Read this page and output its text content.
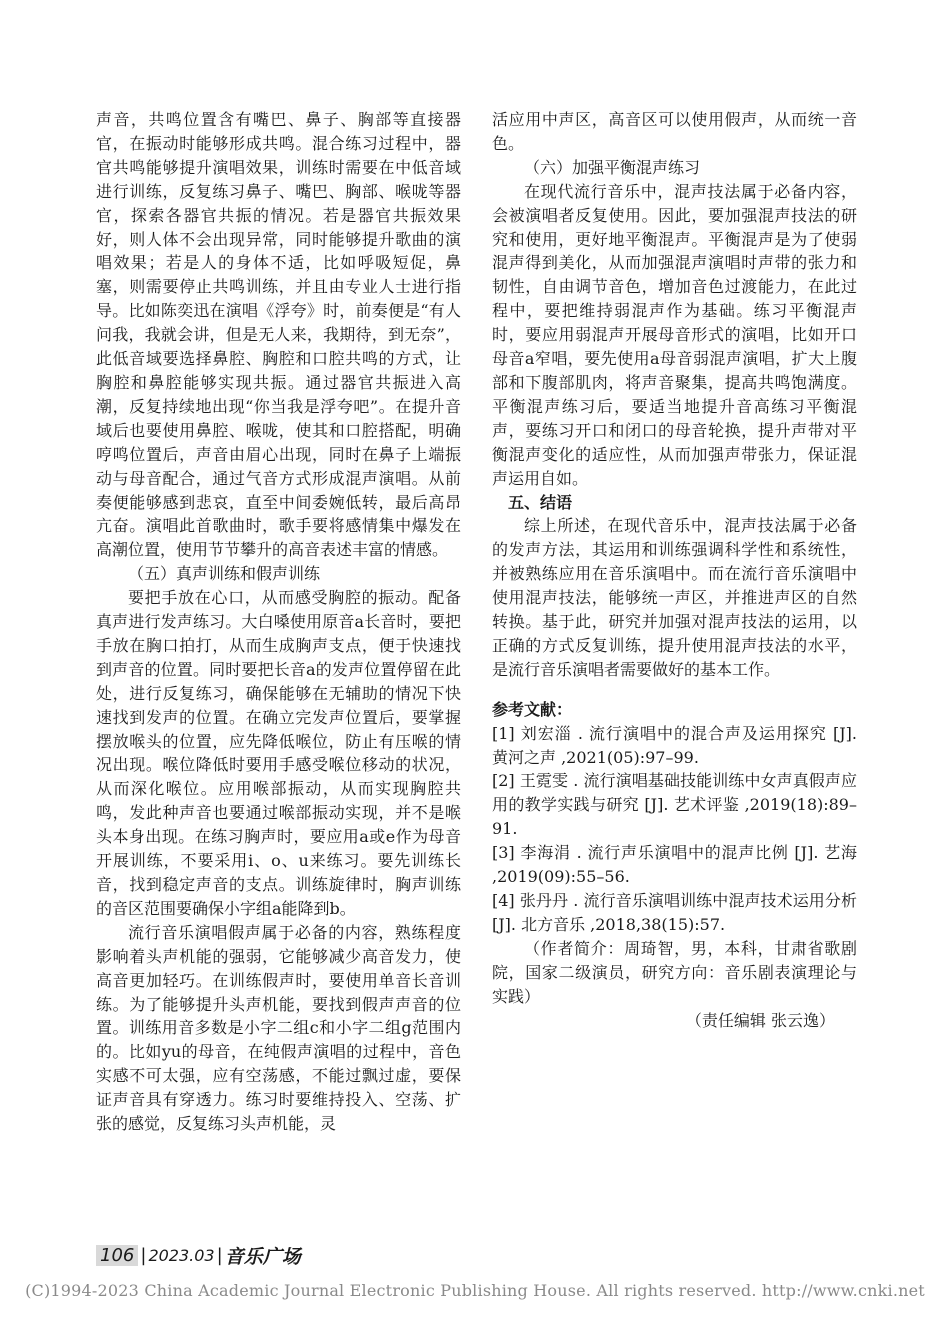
声音，共鸣位置含有嘴巴、鼻子、胸部等直接器官，在振动时能够形成共鸣。混合练习过程中，器官共鸣能够提升演唱效果，训练时需要在中低音域进行训练，反复练习鼻子、嘴巴、胸部、喉咙等器官，探索各器官共振的情况。若是器官共振效果好，则人体不会出现异常，同时能够提升歌曲的演唱效果；若是人的身体不适，比如呼吸短促，鼻塞，则需要停止共鸣训练，并且由专业人士进行指导。比如陈奕迅在演唱《浮夸》时，前奏便是“有人问我，我就会讲，但是无人来，我期待，到无奈”，此低音域要选择鼻腔、胸腔和口腔共鸣的方式，让胸腔和鼻腔能够实现共振。通过器官共振进入高潮，反复持续地出现“你当我是浮夸吧”。在提升音域后也要使用鼻腔、喉咙，使其和口腔搭配，明确哼鸣位置后，声音由眉心出现，同时在鼻子上端振动与母音配合，通过气音方式形成混声演唱。从前奏便能够感到悲哀，直至中间委婉低转，最后高昂亢奋。演唱此首歌曲时，歌手要将感情集中爆发在高潮位置，使用节节攀升的高音表述丰富的情感。

（五）真声训练和假声训练

要把手放在心口，从而感受胸腔的振动。配备真声进行发声练习。大白嗓使用原音a长音时，要把手放在胸口拍打，从而生成胸声支点，便于快速找到声音的位置。同时要把长音a的发声位置停留在此处，进行反复练习，确保能够在无辅助的情况下快速找到发声的位置。在确立完发声位置后，要掌握摆放喉头的位置，应先降低喉位，防止有压喉的情况出现。喉位降低时要用手感受喉位移动的状况，从而深化喉位。应用喉部振动，从而实现胸腔共鸣，发此种声音也要通过喉部振动实现，并不是喉头本身出现。在练习胸声时，要应用a或e作为母音开展训练，不要采用i、o、u来练习。要先训练长音，找到稳定声音的支点。训练旋律时，胸声训练的音区范围要确保小字组a能降到b。

流行音乐演唱假声属于必备的内容，熟练程度影响着头声机能的强弱，它能够减少高音发力，使高音更加轻巧。在训练假声时，要使用单音长音训练。为了能够提升头声机能，要找到假声声音的位置。训练用音多数是小字二组c和小字二组g范围内的。比如yu的母音，在纯假声演唱的过程中，音色实感不可太强，应有空荡感，不能过飘过虚，要保证声音具有穿透力。练习时要维持投入、空荡、扩张的感觉，反复练习头声机能，灵

活应用中声区，高音区可以使用假声，从而统一音色。

（六）加强平衡混声练习

在现代流行音乐中，混声技法属于必备内容，会被演唱者反复使用。因此，要加强混声技法的研究和使用，更好地平衡混声。平衡混声是为了使弱混声得到美化，从而加强混声演唱时声带的张力和韧性，自由调节音色，增加音色过渡能力，在此过程中，要把维持弱混声作为基础。练习平衡混声时，要应用弱混声开展母音形式的演唱，比如开口母音a窄唱，要先使用a母音弱混声演唱，扩大上腹部和下腹部肌肉，将声音聚集，提高共鸣饱满度。平衡混声练习后，要适当地提升音高练习平衡混声，要练习开口和闭口的母音轮换，提升声带对平衡混声变化的适应性，从而加强声带张力，保证混声运用自如。

五、结语

综上所述，在现代音乐中，混声技法属于必备的发声方法，其运用和训练强调科学性和系统性，并被熟练应用在音乐演唱中。而在流行音乐演唱中使用混声技法，能够统一声区，并推进声区的自然转换。基于此，研究并加强对混声技法的运用，以正确的方式反复训练，提升使用混声技法的水平，是流行音乐演唱者需要做好的基本工作。

参考文献：

[1] 刘宏淄 . 流行演唱中的混合声及运用探究 [J]. 黄河之声 ,2021(05):97–99.

[2] 王霓雯 . 流行演唱基础技能训练中女声真假声应用的教学实践与研究 [J]. 艺术评鉴 ,2019(18):89–91.

[3] 李海涓 . 流行声乐演唱中的混声比例 [J]. 艺海 ,2019(09):55–56.

[4] 张丹丹 . 流行音乐演唱训练中混声技术运用分析 [J]. 北方音乐 ,2018,38(15):57.

（作者简介：周琦智，男，本科，甘肃省歌剧院，国家二级演员，研究方向：音乐剧表演理论与实践）

（责任编辑 张云逸）

106 | 2023.03 | 音乐广场
(C)1994-2023 China Academic Journal Electronic Publishing House. All rights reserved. http://www.cnki.net
